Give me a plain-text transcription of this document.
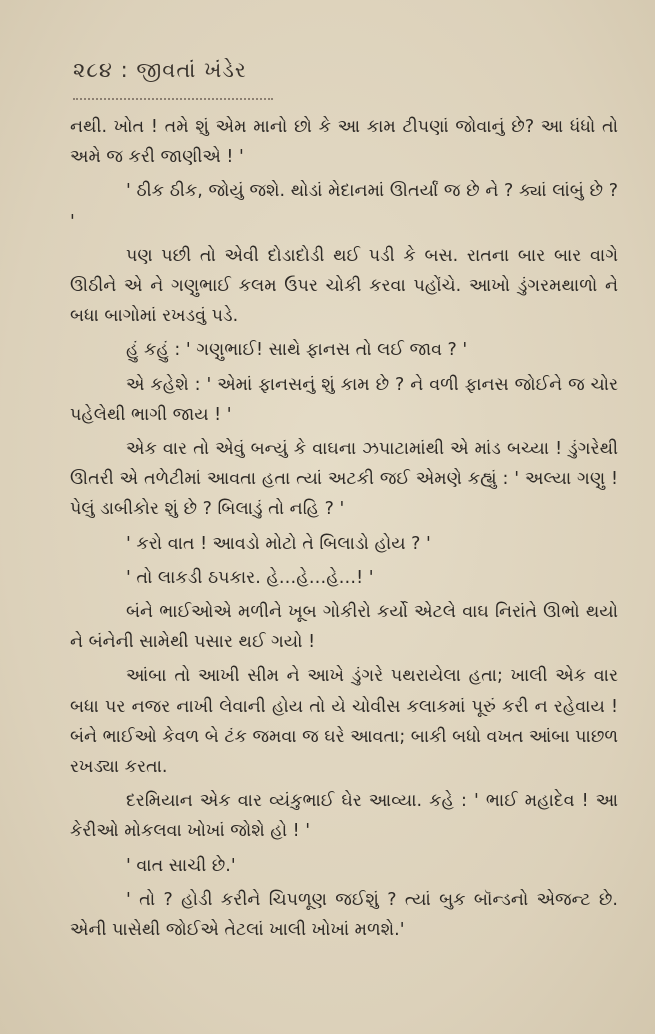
૨૮૪ : જીવતાં ખંડેર

નથી. ખોત ! તમે શું એમ માનો છો કે આ કામ ટીપણાં જોવાનું છે? આ ધંધો તો અમે જ કરી જાણીએ ! '

' ઠીક ઠીક, જોયું જશે. થોડાં મેદાનમાં ઊતર્યાં જ છે ને ? ક્યાં લાંબું છે ? '

પણ પછી તો એવી દોડાદોડી થઈ પડી કે બસ. રાતના બાર બાર વાગે ઊઠીને એ ને ગણુભાઈ કલમ ઉપર ચોકી કરવા પહોંચે. આખો ડુંગરમથાળો ને બધા બાગોમાં રખડવું પડે.

હું કહું : ' ગણુભાઈ! સાથે ફાનસ તો લઈ જાવ ? '

એ કહેશે : ' એમાં ફાનસનું શું કામ છે ? ને વળી ફાનસ જોઈને જ ચોર પહેલેથી ભાગી જાય ! '

એક વાર તો એવું બન્યું કે વાઘના ઝપાટામાંથી એ માંડ બચ્યા ! ડુંગરેથી ઊતરી એ તળેટીમાં આવતા હતા ત્યાં અટકી જઈ એમણે કહ્યું : ' અલ્યા ગણુ ! પેલું ડાબીકોર શું છે ? બિલાડું તો નહિ ? '

' કરો વાત ! આવડો મોટો તે બિલાડો હોય ? '

' તો લાકડી ઠપકાર. હે…હે…હે…! '

બંને ભાઈઓએ મળીને ખૂબ ગોકીરો કર્યો એટલે વાઘ નિરાંતે ઊભો થયો ને બંનેની સામેથી પસાર થઈ ગયો !

આંબા તો આખી સીમ ને આખે ડુંગરે પથરાયેલા હતા; ખાલી એક વાર બધા પર નજર નાખી લેવાની હોય તો યે ચોવીસ કલાકમાં પૂરું કરી ન રહેવાય ! બંને ભાઈઓ કેવળ બે ટંક જમવા જ ઘરે આવતા; બાકી બધો વખત આંબા પાછળ રખડ્યા કરતા.

દરમિયાન એક વાર વ્યંકુભાઈ ઘેર આવ્યા. કહે : ' ભાઈ મહાદેવ ! આ કેરીઓ મોકલવા ખોખાં જોશે હો ! '

' વાત સાચી છે.'

' તો ? હોડી કરીને ચિપળૂણ જઈશું ? ત્યાં બુક બૉન્ડનો એજન્ટ છે. એની પાસેથી જોઈએ તેટલાં ખાલી ખોખાં મળશે.'
